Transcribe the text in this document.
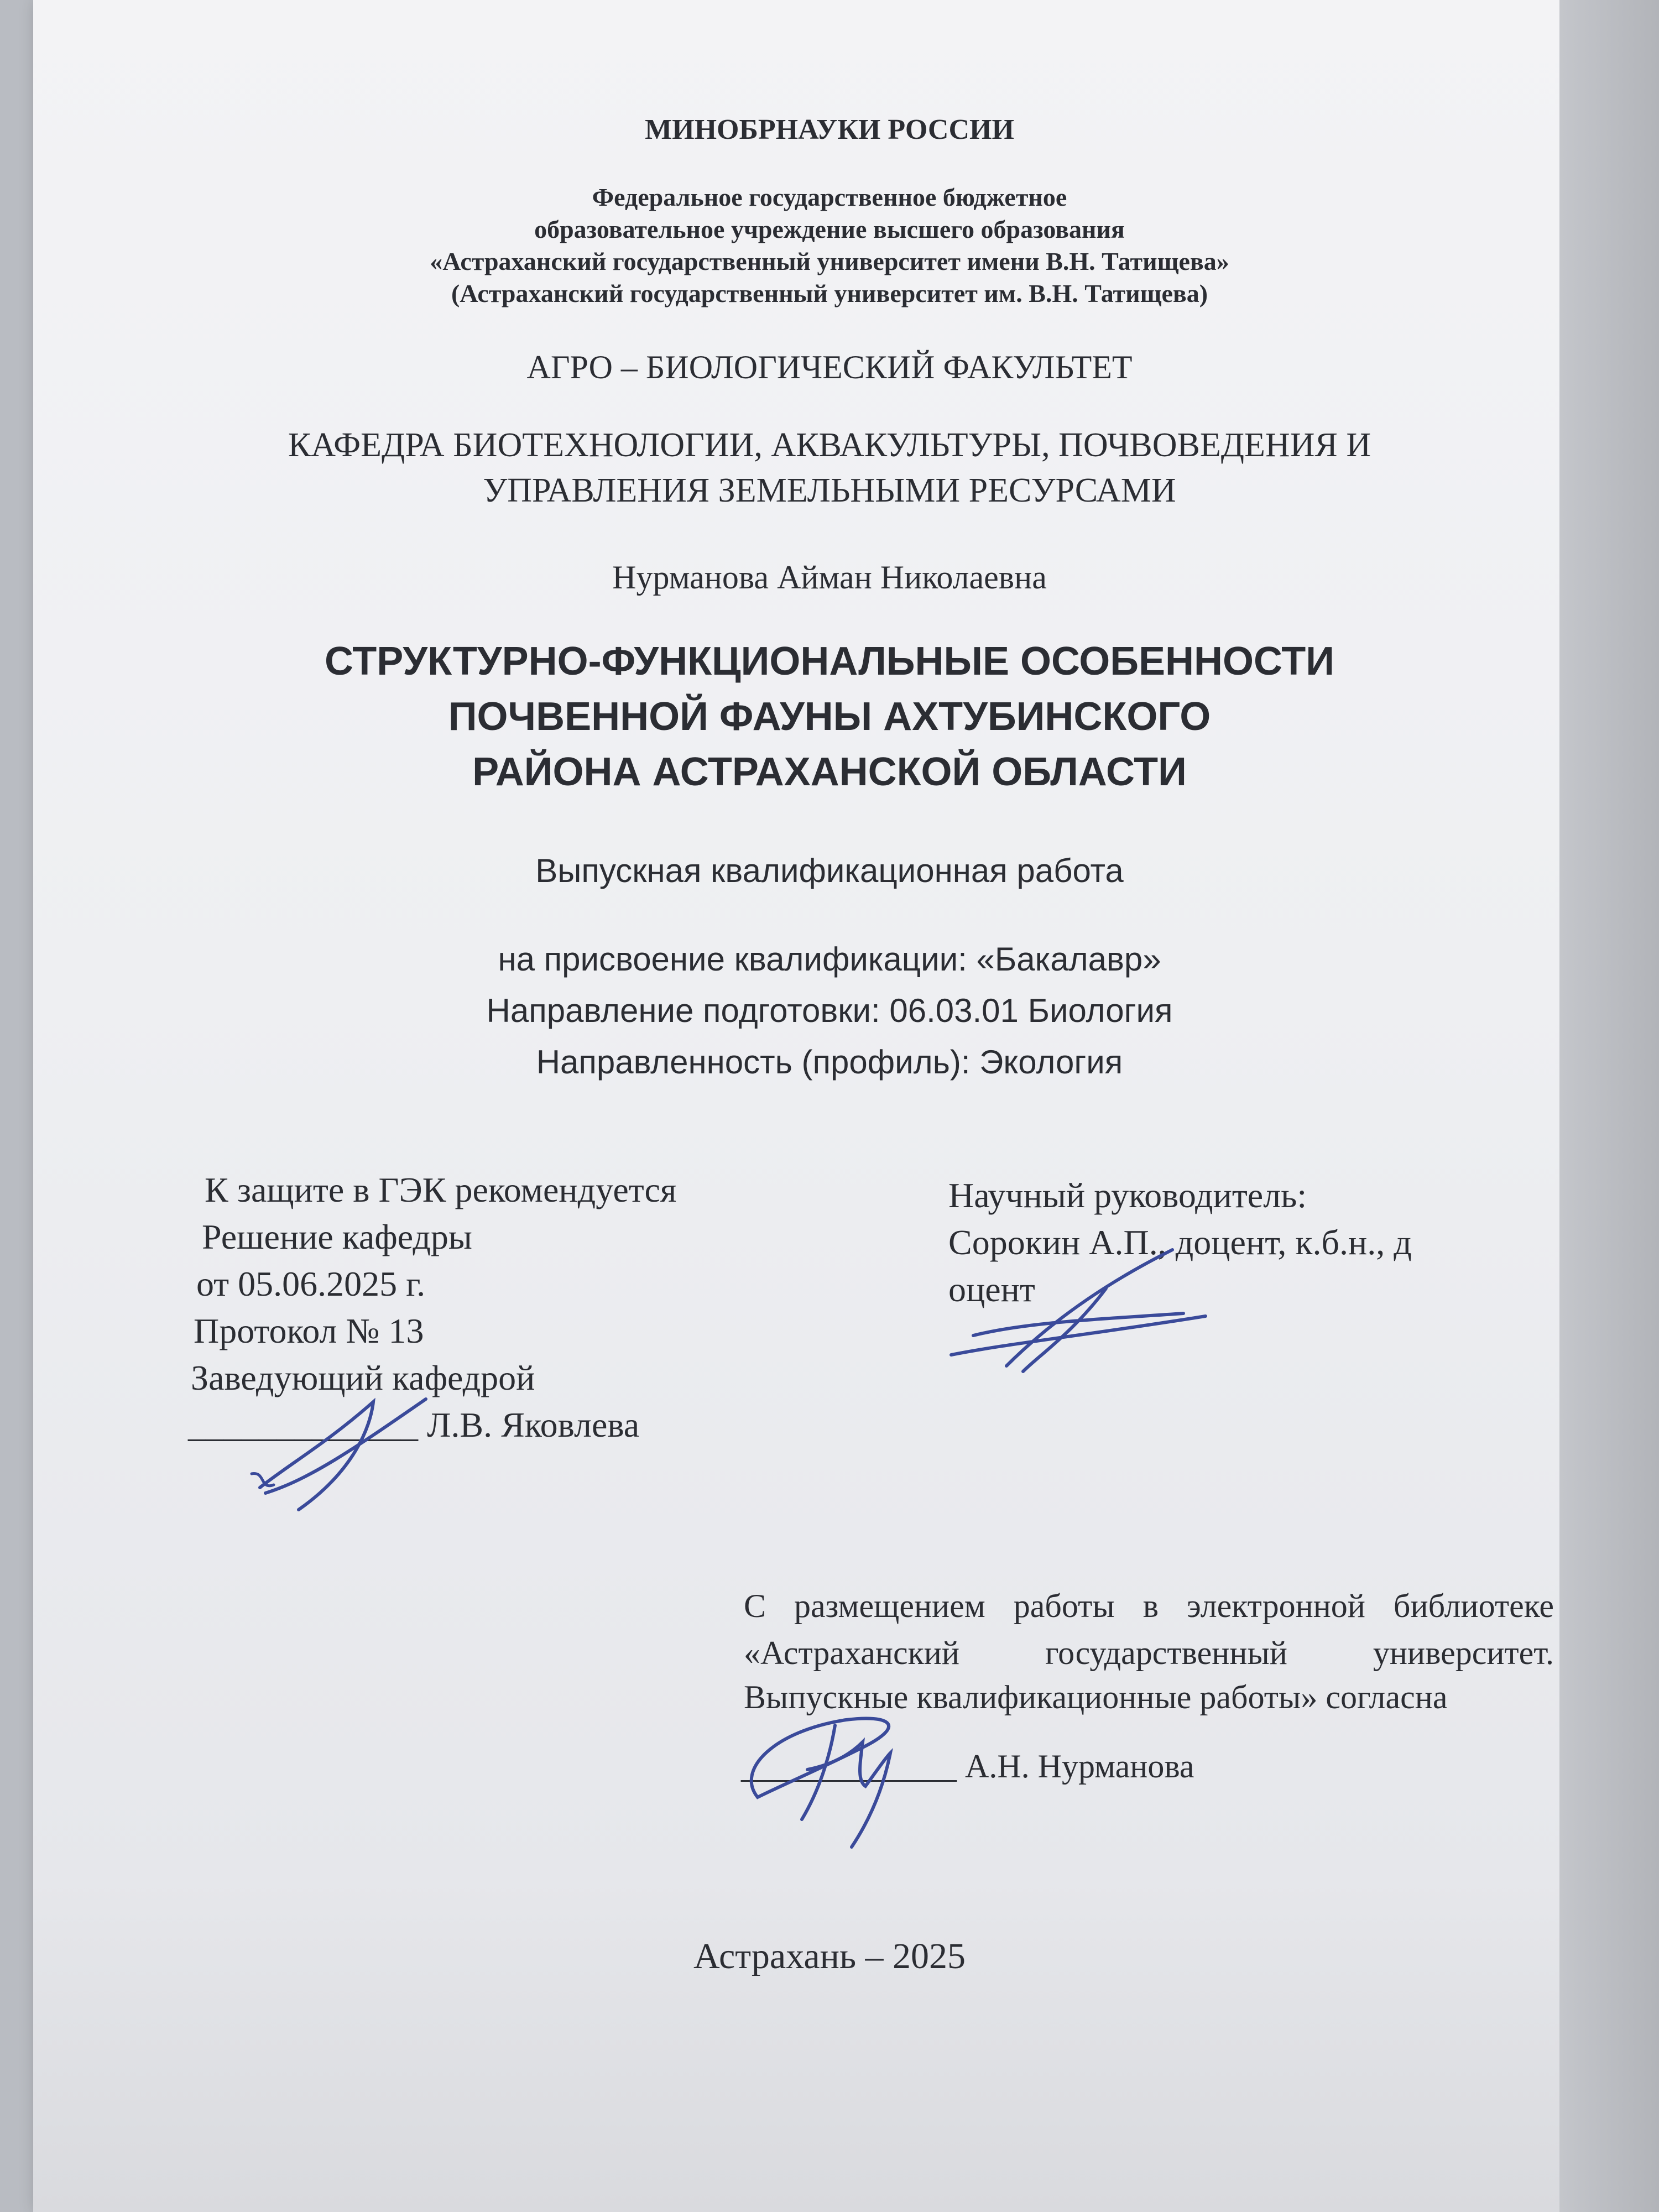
МИНОБРНАУКИ РОССИИ
Федеральное государственное бюджетное
образовательное учреждение высшего образования
«Астраханский государственный университет имени В.Н. Татищева»
(Астраханский государственный университет им. В.Н. Татищева)
АГРО – БИОЛОГИЧЕСКИЙ ФАКУЛЬТЕТ
КАФЕДРА БИОТЕХНОЛОГИИ, АКВАКУЛЬТУРЫ, ПОЧВОВЕДЕНИЯ И
УПРАВЛЕНИЯ ЗЕМЕЛЬНЫМИ РЕСУРСАМИ
Нурманова Айман Николаевна
СТРУКТУРНО-ФУНКЦИОНАЛЬНЫЕ ОСОБЕННОСТИ
ПОЧВЕННОЙ ФАУНЫ АХТУБИНСКОГО
РАЙОНА АСТРАХАНСКОЙ ОБЛАСТИ
Выпускная квалификационная работа
на присвоение квалификации: «Бакалавр»
Направление подготовки: 06.03.01 Биология
Направленность (профиль): Экология
К защите в ГЭК рекомендуется
Решение кафедры
от 05.06.2025 г.
Протокол № 13
Заведующий кафедрой
_____________ Л.В. Яковлева
Научный руководитель:
Сорокин А.П., доцент, к.б.н., д
оцент
С размещением работы в электронной библиотеке
«Астраханский государственный университет.
Выпускные квалификационные работы» согласна
_____________ А.Н. Нурманова
Астрахань – 2025
